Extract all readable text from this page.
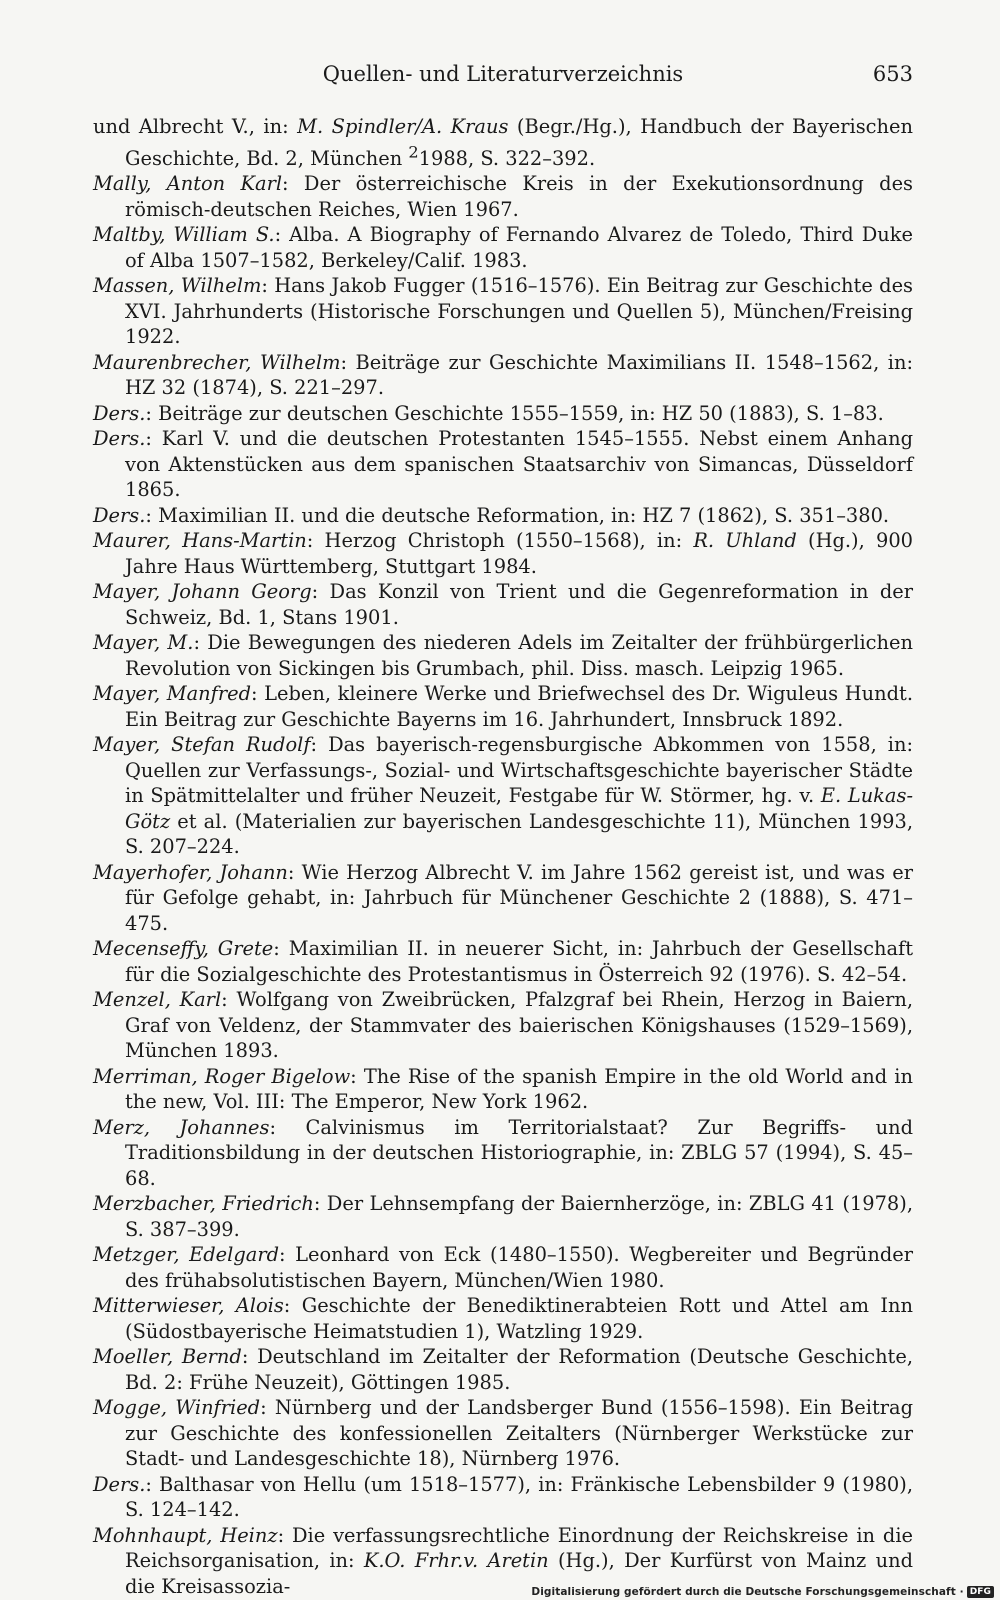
Quellen- und Literaturverzeichnis	653

und Albrecht V., in: M. Spindler/A. Kraus (Begr./Hg.), Handbuch der Bayerischen Geschichte, Bd. 2, München $^2$1988, S. 322–392.

Mally, Anton Karl: Der österreichische Kreis in der Exekutionsordnung des römisch-deutschen Reiches, Wien 1967.

Maltby, William S.: Alba. A Biography of Fernando Alvarez de Toledo, Third Duke of Alba 1507–1582, Berkeley/Calif. 1983.

Massen, Wilhelm: Hans Jakob Fugger (1516–1576). Ein Beitrag zur Geschichte des XVI. Jahrhunderts (Historische Forschungen und Quellen 5), München/Freising 1922.

Maurenbrecher, Wilhelm: Beiträge zur Geschichte Maximilians II. 1548–1562, in: HZ 32 (1874), S. 221–297.

Ders.: Beiträge zur deutschen Geschichte 1555–1559, in: HZ 50 (1883), S. 1–83.

Ders.: Karl V. und die deutschen Protestanten 1545–1555. Nebst einem Anhang von Aktenstücken aus dem spanischen Staatsarchiv von Simancas, Düsseldorf 1865.

Ders.: Maximilian II. und die deutsche Reformation, in: HZ 7 (1862), S. 351–380.

Maurer, Hans-Martin: Herzog Christoph (1550–1568), in: R. Uhland (Hg.), 900 Jahre Haus Württemberg, Stuttgart 1984.

Mayer, Johann Georg: Das Konzil von Trient und die Gegenreformation in der Schweiz, Bd. 1, Stans 1901.

Mayer, M.: Die Bewegungen des niederen Adels im Zeitalter der frühbürgerlichen Revolution von Sickingen bis Grumbach, phil. Diss. masch. Leipzig 1965.

Mayer, Manfred: Leben, kleinere Werke und Briefwechsel des Dr. Wiguleus Hundt. Ein Beitrag zur Geschichte Bayerns im 16. Jahrhundert, Innsbruck 1892.

Mayer, Stefan Rudolf: Das bayerisch-regensburgische Abkommen von 1558, in: Quellen zur Verfassungs-, Sozial- und Wirtschaftsgeschichte bayerischer Städte in Spätmittelalter und früher Neuzeit, Festgabe für W. Störmer, hg. v. E. Lukas-Götz et al. (Materialien zur bayerischen Landesgeschichte 11), München 1993, S. 207–224.

Mayerhofer, Johann: Wie Herzog Albrecht V. im Jahre 1562 gereist ist, und was er für Gefolge gehabt, in: Jahrbuch für Münchener Geschichte 2 (1888), S. 471–475.

Mecenseffy, Grete: Maximilian II. in neuerer Sicht, in: Jahrbuch der Gesellschaft für die Sozialgeschichte des Protestantismus in Österreich 92 (1976). S. 42–54.

Menzel, Karl: Wolfgang von Zweibrücken, Pfalzgraf bei Rhein, Herzog in Baiern, Graf von Veldenz, der Stammvater des baierischen Königshauses (1529–1569), München 1893.

Merriman, Roger Bigelow: The Rise of the spanish Empire in the old World and in the new, Vol. III: The Emperor, New York 1962.

Merz, Johannes: Calvinismus im Territorialstaat? Zur Begriffs- und Traditionsbildung in der deutschen Historiographie, in: ZBLG 57 (1994), S. 45–68.

Merzbacher, Friedrich: Der Lehnsempfang der Baiernherzöge, in: ZBLG 41 (1978), S. 387–399.

Metzger, Edelgard: Leonhard von Eck (1480–1550). Wegbereiter und Begründer des frühabsolutistischen Bayern, München/Wien 1980.

Mitterwieser, Alois: Geschichte der Benediktinerabteien Rott und Attel am Inn (Südostbayerische Heimatstudien 1), Watzling 1929.

Moeller, Bernd: Deutschland im Zeitalter der Reformation (Deutsche Geschichte, Bd. 2: Frühe Neuzeit), Göttingen 1985.

Mogge, Winfried: Nürnberg und der Landsberger Bund (1556–1598). Ein Beitrag zur Geschichte des konfessionellen Zeitalters (Nürnberger Werkstücke zur Stadt- und Landesgeschichte 18), Nürnberg 1976.

Ders.: Balthasar von Hellu (um 1518–1577), in: Fränkische Lebensbilder 9 (1980), S. 124–142.

Mohnhaupt, Heinz: Die verfassungsrechtliche Einordnung der Reichskreise in die Reichsorganisation, in: K.O. Frhr.v. Aretin (Hg.), Der Kurfürst von Mainz und die Kreisassozia-	Digitalisierung gefördert durch die Deutsche Forschungsgemeinschaft · DFG
